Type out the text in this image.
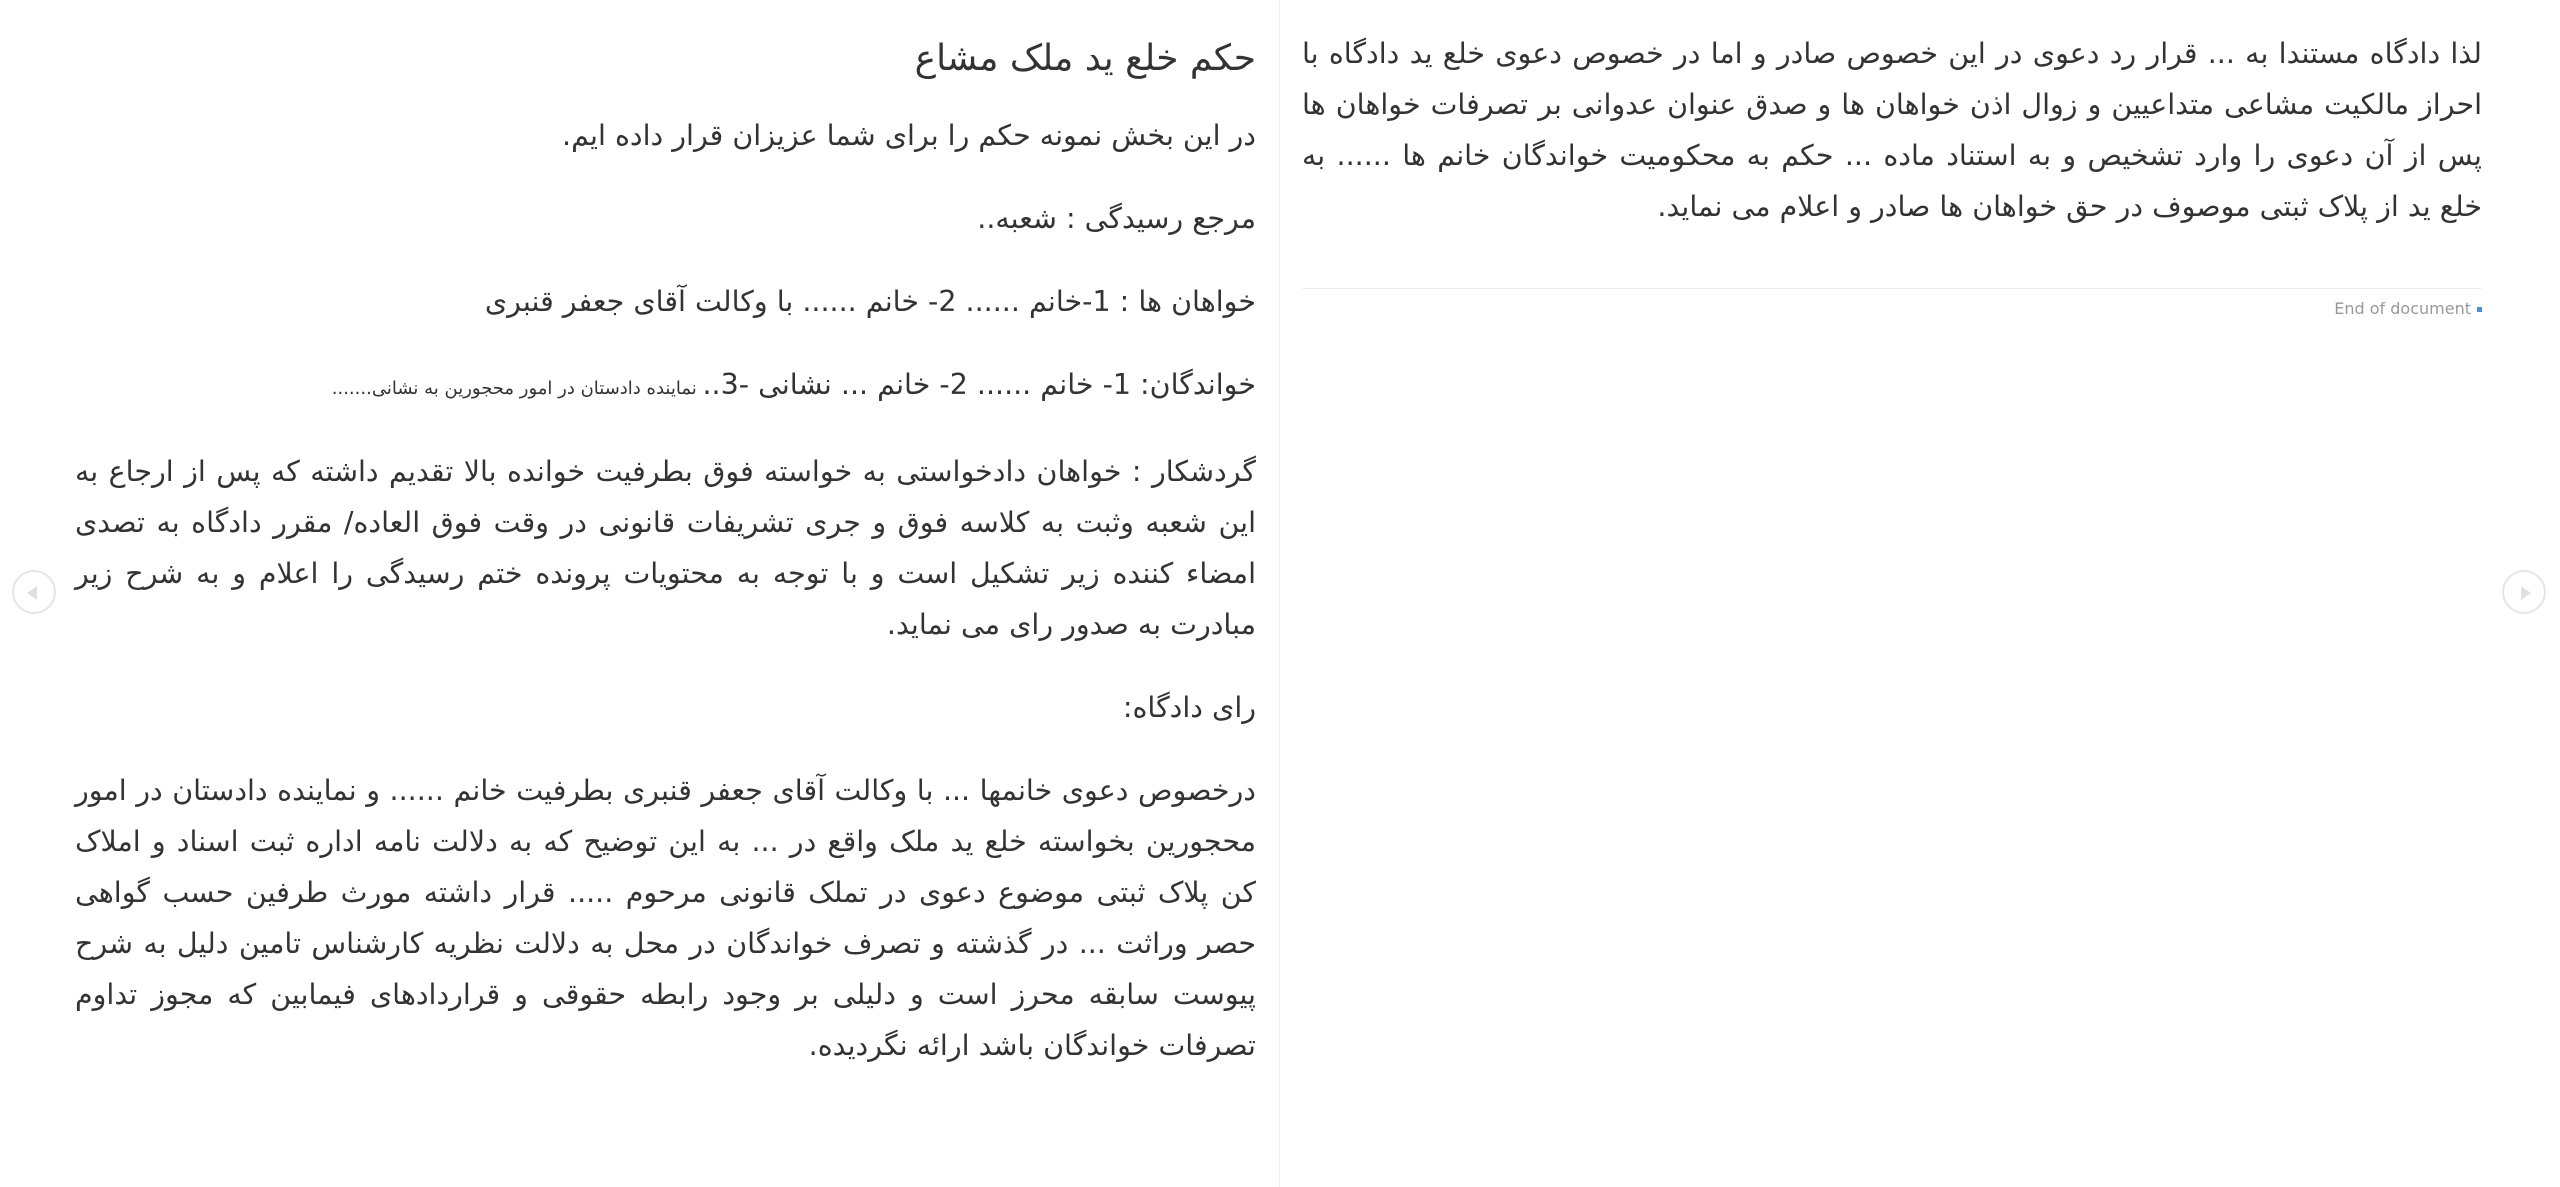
حکم خلع ید ملک مشاع

در این بخش نمونه حکم را برای شما عزیزان قرار داده ایم.

مرجع رسیدگی : شعبه..

خواهان ها : 1-خانم ...... 2- خانم ...... با وکالت آقای جعفر قنبری

خواندگان: 1- خانم ...... 2- خانم ... نشانی -3.. نماینده دادستان در امور محجورین به نشانی.......

گردشکار : خواهان دادخواستی به خواسته فوق بطرفیت خوانده بالا تقدیم داشته که پس از ارجاع به این شعبه وثبت به کلاسه فوق و جری تشریفات قانونی در وقت فوق العاده/ مقرر دادگاه به تصدی امضاء کننده زیر تشکیل است و با توجه به محتویات پرونده ختم رسیدگی را اعلام و به شرح زیر مبادرت به صدور رای می نماید.

رای دادگاه:

درخصوص دعوی خانمها ... با وکالت آقای جعفر قنبری بطرفیت خانم ...... و نماینده دادستان در امور محجورین بخواسته خلع ید ملک واقع در ... به این توضیح که به دلالت نامه اداره ثبت اسناد و املاک کن پلاک ثبتی موضوع دعوی در تملک قانونی مرحوم ..... قرار داشته مورث طرفین حسب گواهی حصر وراثت ... در گذشته و تصرف خواندگان در محل به دلالت نظریه کارشناس تامین دلیل به شرح پیوست سابقه محرز است و دلیلی بر وجود رابطه حقوقی و قراردادهای فیمابین که مجوز تداوم تصرفات خواندگان باشد ارائه نگردیده.

لذا دادگاه مستندا به ... قرار رد دعوی در این خصوص صادر و اما در خصوص دعوی خلع ید دادگاه با احراز مالکیت مشاعی متداعیین و زوال اذن خواهان ها و صدق عنوان عدوانی بر تصرفات خواهان ها پس از آن دعوی را وارد تشخیص و به استناد ماده ... حکم به محکومیت خواندگان خانم ها ...... به خلع ید از پلاک ثبتی موصوف در حق خواهان ها صادر و اعلام می نماید.

End of document
